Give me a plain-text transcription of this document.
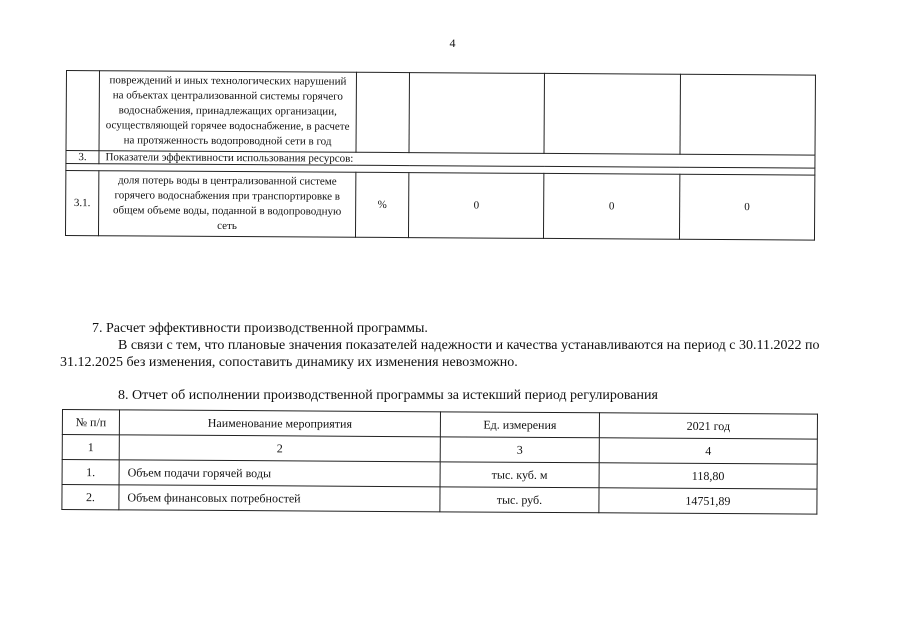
4
	повреждений и иных технологических нарушений на объектах централизованной системы горячего водоснабжения, принадлежащих организации, осуществляющей горячее водоснабжение, в расчете на протяженность водопроводной сети в год				
3.	Показатели эффективности использования ресурсов:				

3.1.	доля потерь воды в централизованной системе горячего водоснабжения при транспортировке в общем объеме воды, поданной в водопроводную сеть	%	0	0	0
7. Расчет эффективности производственной программы.
В связи с тем, что плановые значения показателей надежности и качества устанавливаются на период с 30.11.2022 по
31.12.2025 без изменения, сопоставить динамику их изменения невозможно.
8. Отчет об исполнении производственной программы за истекший период регулирования
№ п/п	Наименование мероприятия	Ед. измерения	2021 год
1	2	3	4
1.	Объем подачи горячей воды	тыс. куб. м	118,80
2.	Объем финансовых потребностей	тыс. руб.	14751,89
